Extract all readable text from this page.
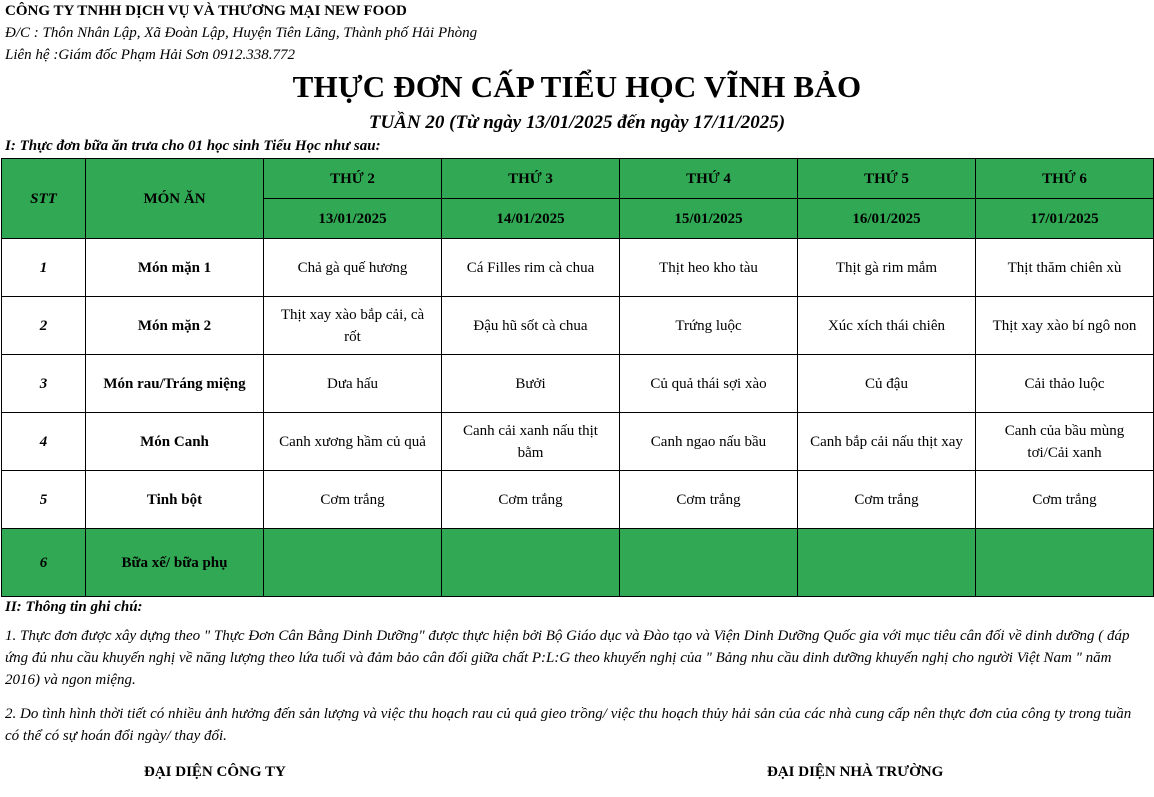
CÔNG TY TNHH DỊCH VỤ VÀ THƯƠNG MẠI NEW FOOD
Đ/C : Thôn Nhân Lập, Xã Đoàn Lập, Huyện Tiên Lãng, Thành phố Hải Phòng
Liên hệ :Giám đốc Phạm Hải Sơn 0912.338.772
THỰC ĐƠN CẤP TIỂU HỌC VĨNH BẢO
TUẦN 20 (Từ ngày 13/01/2025 đến ngày 17/11/2025)
I: Thực đơn bữa ăn trưa cho 01 học sinh Tiểu Học như sau:
STT	MÓN ĂN	THỨ 2	THỨ 3	THỨ 4	THỨ 5	THỨ 6
		13/01/2025	14/01/2025	15/01/2025	16/01/2025	17/01/2025
1	Món mặn 1	Chả gà quế hương	Cá Filles rim cà chua	Thịt heo kho tàu	Thịt gà rim mắm	Thịt thăm chiên xù
2	Món mặn 2	Thịt xay xào bắp cải, cà rốt	Đậu hũ sốt cà chua	Trứng luộc	Xúc xích thái chiên	Thịt xay xào bí ngô non
3	Món rau/Tráng miệng	Dưa hấu	Bưởi	Củ quả thái sợi xào	Củ đậu	Cải thảo luộc
4	Món Canh	Canh xương hầm củ quả	Canh cải xanh nấu thịt bằm	Canh ngao nấu bầu	Canh bắp cải nấu thịt xay	Canh của bầu mùng tơi/Cải xanh
5	Tinh bột	Cơm trắng	Cơm trắng	Cơm trắng	Cơm trắng	Cơm trắng
6	Bữa xế/ bữa phụ					
II: Thông tin ghi chú:
1. Thực đơn được xây dựng theo " Thực Đơn Cân Bằng Dinh Dưỡng" được thực hiện bởi Bộ Giáo dục và Đào tạo và Viện Dinh Dưỡng Quốc gia với mục tiêu cân đối về dinh dưỡng ( đáp ứng đủ nhu cầu khuyến nghị về năng lượng theo lứa tuổi và đảm bảo cân đối giữa chất P:L:G theo khuyến nghị của " Bảng nhu cầu dinh dưỡng khuyến nghị cho người Việt Nam " năm 2016) và ngon miệng.
2. Do tình hình thời tiết có nhiều ảnh hưởng đến sản lượng và việc thu hoạch rau củ quả gieo trồng/ việc thu hoạch thủy hải sản của các nhà cung cấp nên thực đơn của công ty trong tuần có thể có sự hoán đổi ngày/ thay đổi.
ĐẠI DIỆN CÔNG TY	ĐẠI DIỆN NHÀ TRƯỜNG
